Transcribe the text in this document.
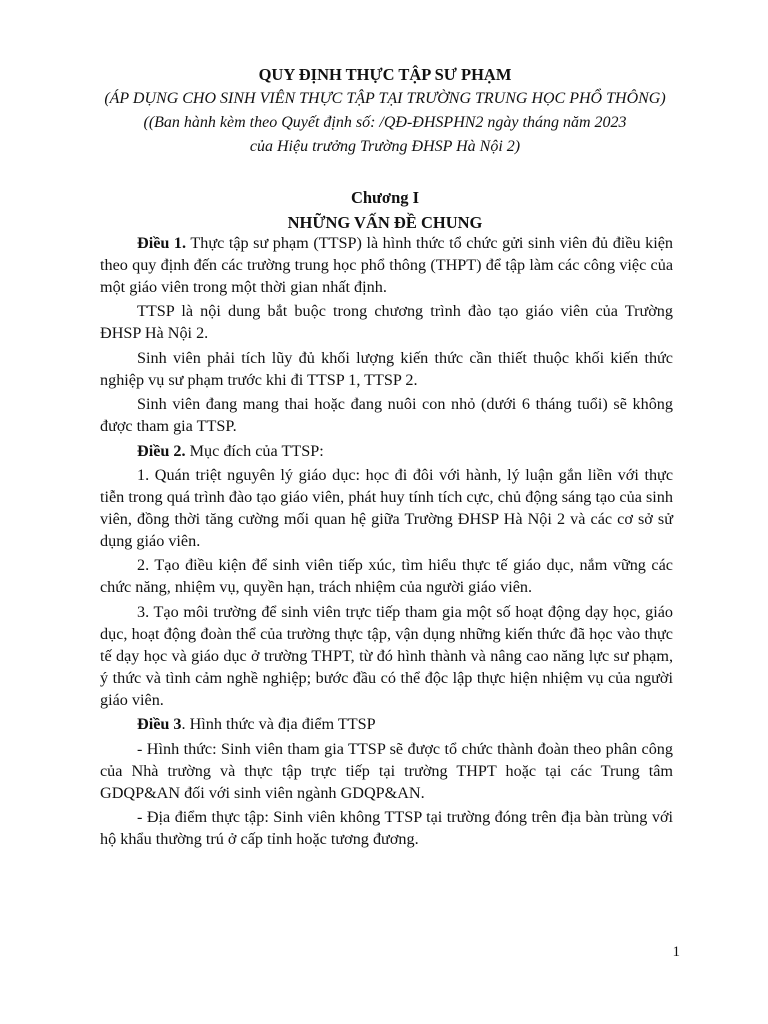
QUY ĐỊNH THỰC TẬP SƯ PHẠM

(ÁP DỤNG CHO SINH VIÊN THỰC TẬP TẠI TRƯỜNG TRUNG HỌC PHỔ THÔNG)

((Ban hành kèm theo Quyết định số: /QĐ-ĐHSPHN2 ngày tháng năm 2023

của Hiệu trưởng Trường ĐHSP Hà Nội 2)

Chương I

NHỮNG VẤN ĐỀ CHUNG

Điều 1. Thực tập sư phạm (TTSP) là hình thức tổ chức gửi sinh viên đủ điều kiện theo quy định đến các trường trung học phổ thông (THPT) để tập làm các công việc của một giáo viên trong một thời gian nhất định.

TTSP là nội dung bắt buộc trong chương trình đào tạo giáo viên của Trường ĐHSP Hà Nội 2.

Sinh viên phải tích lũy đủ khối lượng kiến thức cần thiết thuộc khối kiến thức nghiệp vụ sư phạm trước khi đi TTSP 1, TTSP 2.

Sinh viên đang mang thai hoặc đang nuôi con nhỏ (dưới 6 tháng tuổi) sẽ không được tham gia TTSP.

Điều 2. Mục đích của TTSP:

1. Quán triệt nguyên lý giáo dục: học đi đôi với hành, lý luận gắn liền với thực tiễn trong quá trình đào tạo giáo viên, phát huy tính tích cực, chủ động sáng tạo của sinh viên, đồng thời tăng cường mối quan hệ giữa Trường ĐHSP Hà Nội 2 và các cơ sở sử dụng giáo viên.

2. Tạo điều kiện để sinh viên tiếp xúc, tìm hiểu thực tế giáo dục, nắm vững các chức năng, nhiệm vụ, quyền hạn, trách nhiệm của người giáo viên.

3. Tạo môi trường để sinh viên trực tiếp tham gia một số hoạt động dạy học, giáo dục, hoạt động đoàn thể của trường thực tập, vận dụng những kiến thức đã học vào thực tế dạy học và giáo dục ở trường THPT, từ đó hình thành và nâng cao năng lực sư phạm, ý thức và tình cảm nghề nghiệp; bước đầu có thể độc lập thực hiện nhiệm vụ của người giáo viên.

Điều 3. Hình thức và địa điểm TTSP

- Hình thức: Sinh viên tham gia TTSP sẽ được tổ chức thành đoàn theo phân công của Nhà trường và thực tập trực tiếp tại trường THPT hoặc tại các Trung tâm GDQP&AN đối với sinh viên ngành GDQP&AN.

- Địa điểm thực tập: Sinh viên không TTSP tại trường đóng trên địa bàn trùng với hộ khẩu thường trú ở cấp tỉnh hoặc tương đương.

1
